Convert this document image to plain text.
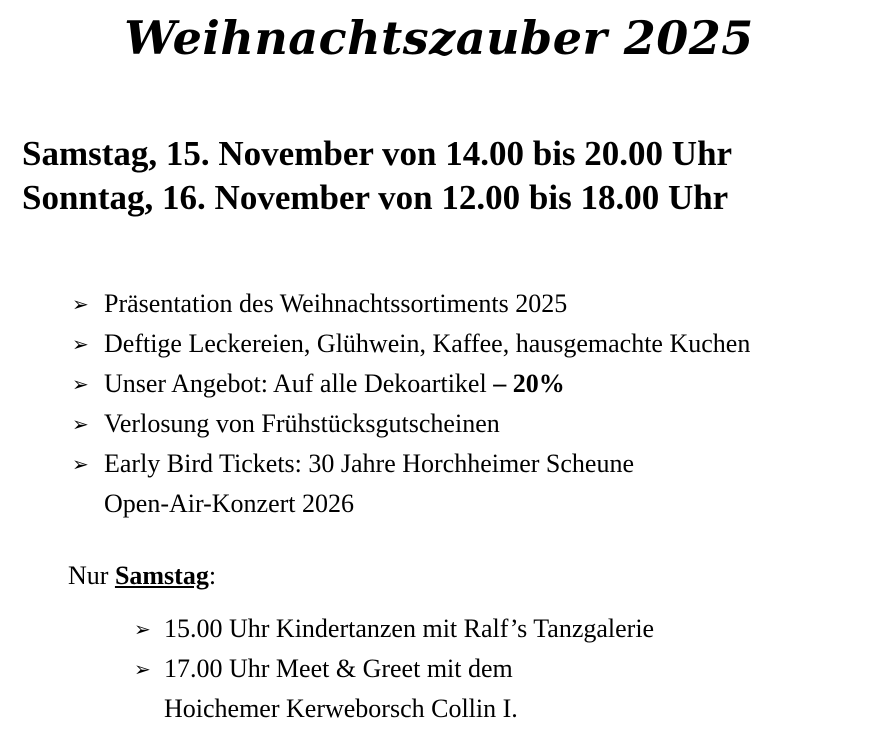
Weihnachtszauber 2025

Samstag, 15. November von 14.00 bis 20.00 Uhr

Sonntag, 16. November von 12.00 bis 18.00 Uhr

➢ Präsentation des Weihnachtssortiments 2025
➢ Deftige Leckereien, Glühwein, Kaffee, hausgemachte Kuchen
➢ Unser Angebot: Auf alle Dekoartikel – 20%
➢ Verlosung von Frühstücksgutscheinen
➢ Early Bird Tickets: 30 Jahre Horchheimer Scheune
Open-Air-Konzert 2026

Nur Samstag:

➢ 15.00 Uhr Kindertanzen mit Ralf’s Tanzgalerie
➢ 17.00 Uhr Meet & Greet mit dem
Hoichemer Kerweborsch Collin I.
